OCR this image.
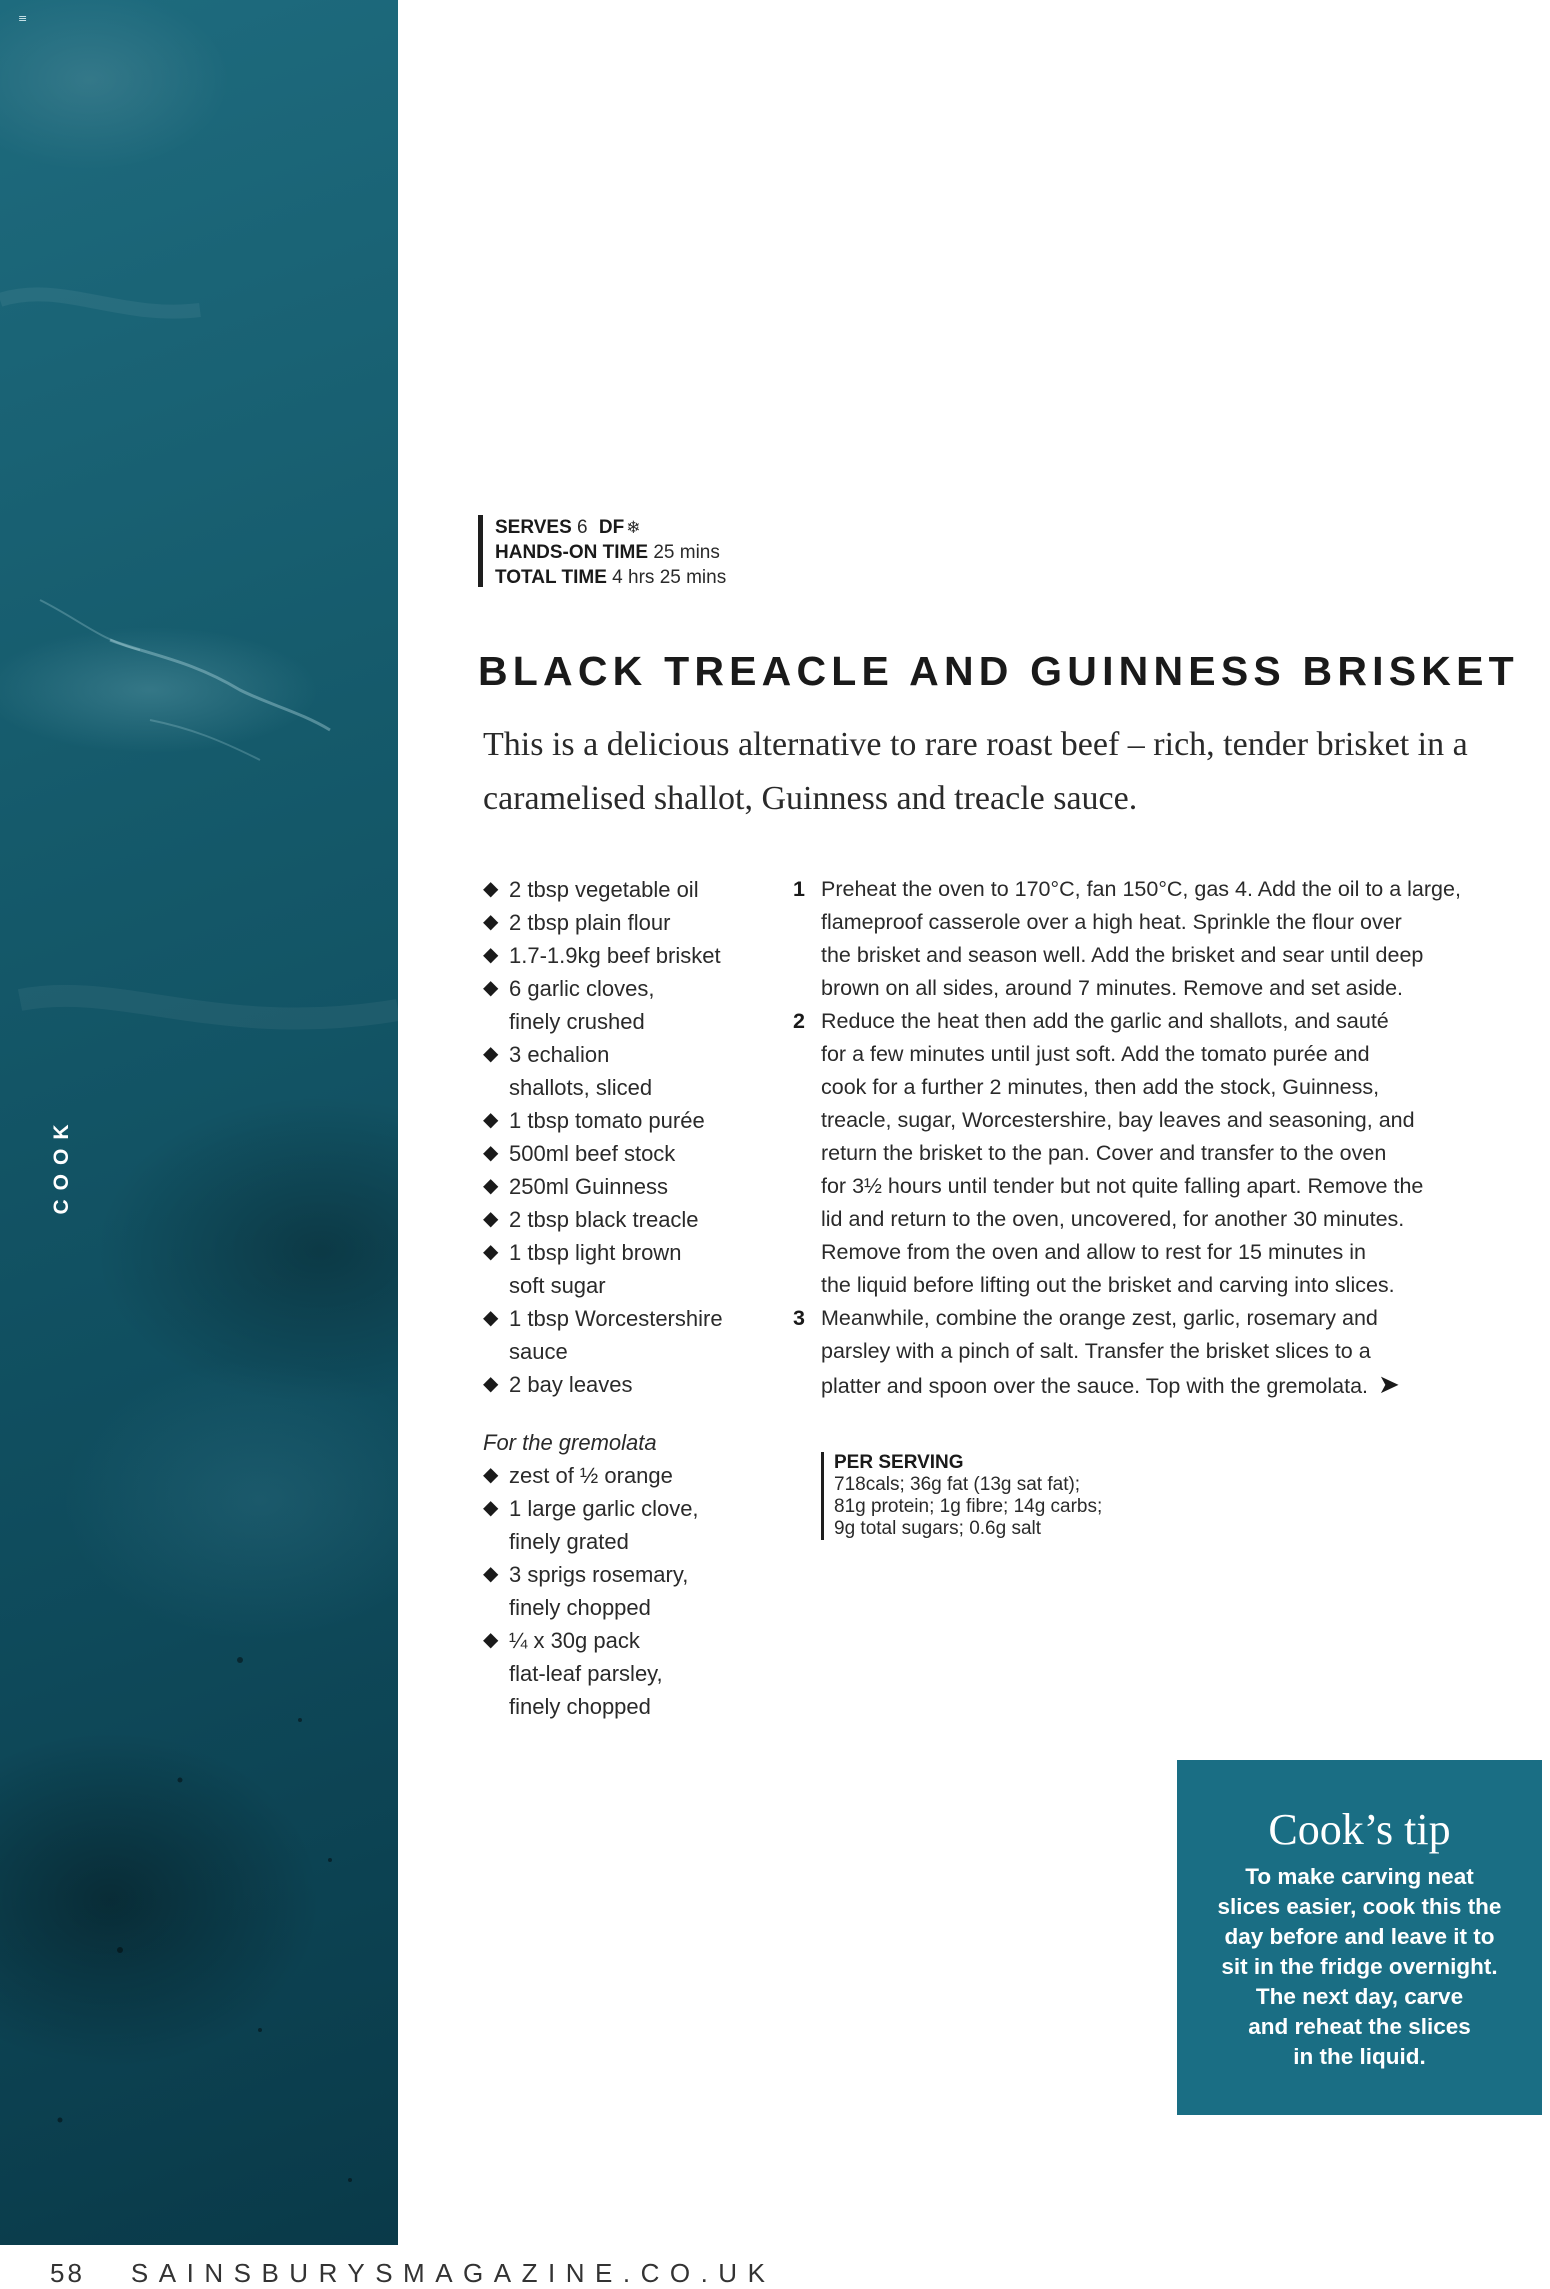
≡
COOK
SERVES 6 DF ❄
HANDS-ON TIME 25 mins
TOTAL TIME 4 hrs 25 mins
BLACK TREACLE AND GUINNESS BRISKET

This is a delicious alternative to rare roast beef – rich, tender brisket in a caramelised shallot, Guinness and treacle sauce.

◆ 2 tbsp vegetable oil
◆ 2 tbsp plain flour
◆ 1.7-1.9kg beef brisket
◆ 6 garlic cloves,
finely crushed
◆ 3 echalion
shallots, sliced
◆ 1 tbsp tomato purée
◆ 500ml beef stock
◆ 250ml Guinness
◆ 2 tbsp black treacle
◆ 1 tbsp light brown
soft sugar
◆ 1 tbsp Worcestershire
sauce
◆ 2 bay leaves
For the gremolata
◆ zest of ½ orange
◆ 1 large garlic clove,
finely grated
◆ 3 sprigs rosemary,
finely chopped
◆ ¼ x 30g pack
flat-leaf parsley,
finely chopped
1 Preheat the oven to 170°C, fan 150°C, gas 4. Add the oil to a large,
flameproof casserole over a high heat. Sprinkle the flour over
the brisket and season well. Add the brisket and sear until deep
brown on all sides, around 7 minutes. Remove and set aside.
2 Reduce the heat then add the garlic and shallots, and sauté
for a few minutes until just soft. Add the tomato purée and
cook for a further 2 minutes, then add the stock, Guinness,
treacle, sugar, Worcestershire, bay leaves and seasoning, and
return the brisket to the pan. Cover and transfer to the oven
for 3½ hours until tender but not quite falling apart. Remove the
lid and return to the oven, uncovered, for another 30 minutes.
Remove from the oven and allow to rest for 15 minutes in
the liquid before lifting out the brisket and carving into slices.
3 Meanwhile, combine the orange zest, garlic, rosemary and
parsley with a pinch of salt. Transfer the brisket slices to a
platter and spoon over the sauce. Top with the gremolata. ➤
PER SERVING
718cals; 36g fat (13g sat fat);
81g protein; 1g fibre; 14g carbs;
9g total sugars; 0.6g salt
Cook’s tip
To make carving neat
slices easier, cook this the
day before and leave it to
sit in the fridge overnight.
The next day, carve
and reheat the slices
in the liquid.
58 SAINSBURYSMAGAZINE.CO.UK
